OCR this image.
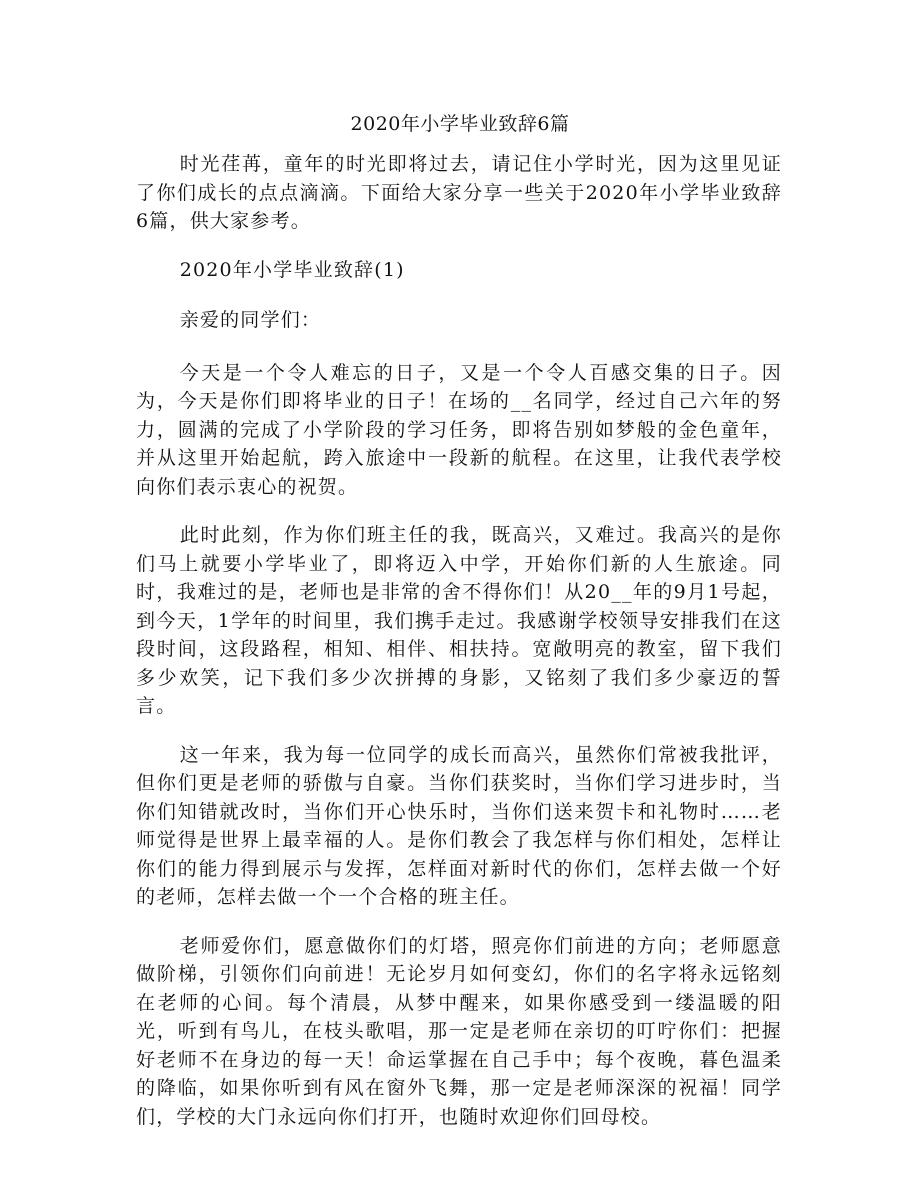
2020年小学毕业致辞6篇

时光荏苒，童年的时光即将过去，请记住小学时光，因为这里见证了你们成长的点点滴滴。下面给大家分享一些关于2020年小学毕业致辞6篇，供大家参考。

2020年小学毕业致辞(1)

亲爱的同学们：

今天是一个令人难忘的日子，又是一个令人百感交集的日子。因为，今天是你们即将毕业的日子！在场的__名同学，经过自己六年的努力，圆满的完成了小学阶段的学习任务，即将告别如梦般的金色童年，并从这里开始起航，跨入旅途中一段新的航程。在这里，让我代表学校向你们表示衷心的祝贺。

此时此刻，作为你们班主任的我，既高兴，又难过。我高兴的是你们马上就要小学毕业了，即将迈入中学，开始你们新的人生旅途。同时，我难过的是，老师也是非常的舍不得你们！从20__年的9月1号起，到今天，1学年的时间里，我们携手走过。我感谢学校领导安排我们在这段时间，这段路程，相知、相伴、相扶持。宽敞明亮的教室，留下我们多少欢笑，记下我们多少次拼搏的身影，又铭刻了我们多少豪迈的誓言。

这一年来，我为每一位同学的成长而高兴，虽然你们常被我批评，但你们更是老师的骄傲与自豪。当你们获奖时，当你们学习进步时，当你们知错就改时，当你们开心快乐时，当你们送来贺卡和礼物时……老师觉得是世界上最幸福的人。是你们教会了我怎样与你们相处，怎样让你们的能力得到展示与发挥，怎样面对新时代的你们，怎样去做一个好的老师，怎样去做一个一个合格的班主任。

老师爱你们，愿意做你们的灯塔，照亮你们前进的方向；老师愿意做阶梯，引领你们向前进！无论岁月如何变幻，你们的名字将永远铭刻在老师的心间。每个清晨，从梦中醒来，如果你感受到一缕温暖的阳光，听到有鸟儿，在枝头歌唱，那一定是老师在亲切的叮咛你们：把握好老师不在身边的每一天！命运掌握在自己手中；每个夜晚，暮色温柔的降临，如果你听到有风在窗外飞舞，那一定是老师深深的祝福！同学们，学校的大门永远向你们打开，也随时欢迎你们回母校。
